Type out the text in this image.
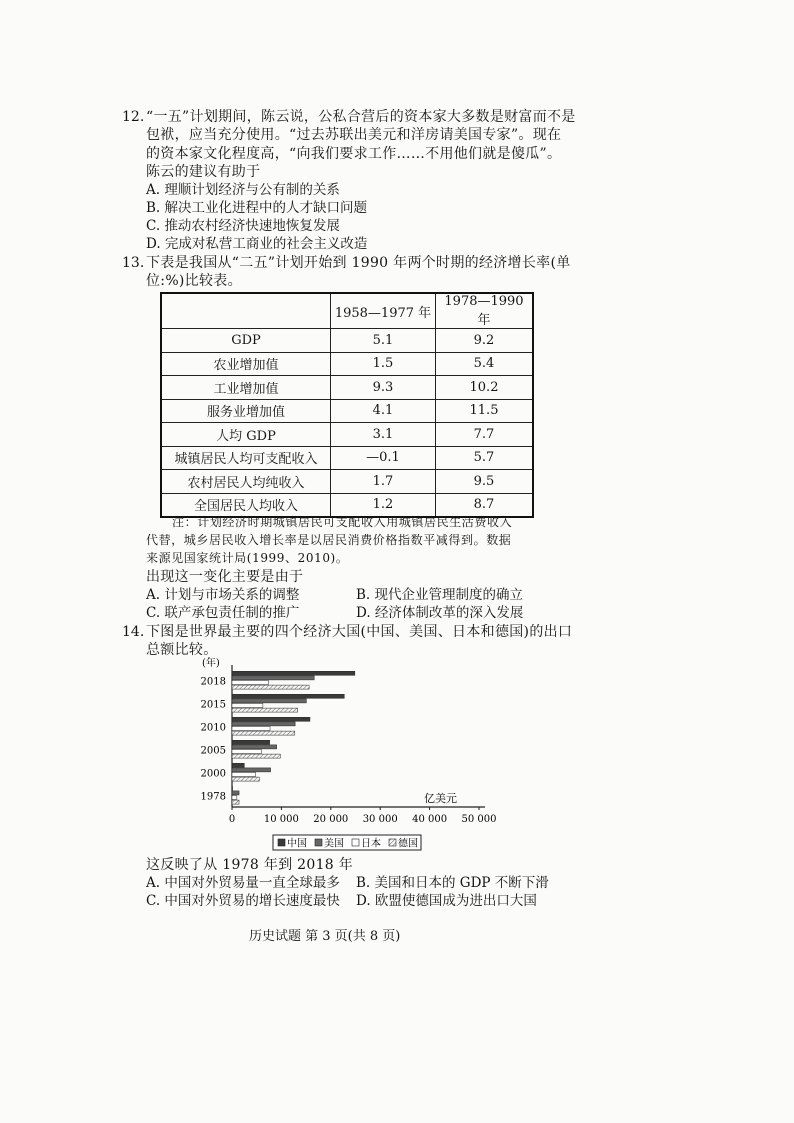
12. “一五”计划期间，陈云说，公私合营后的资本家大多数是财富而不是
包袱，应当充分使用。“过去苏联出美元和洋房请美国专家”。现在
的资本家文化程度高，“向我们要求工作……不用他们就是傻瓜”。
陈云的建议有助于
A. 理顺计划经济与公有制的关系
B. 解决工业化进程中的人才缺口问题
C. 推动农村经济快速地恢复发展
D. 完成对私营工商业的社会主义改造
13. 下表是我国从“二五”计划开始到 1990 年两个时期的经济增长率(单
位:%)比较表。
	1958—1977 年	1978—1990 年
GDP	5.1	9.2
农业增加值	1.5	5.4
工业增加值	9.3	10.2
服务业增加值	4.1	11.5
人均 GDP	3.1	7.7
城镇居民人均可支配收入	—0.1	5.7
农村居民人均纯收入	1.7	9.5
全国居民人均收入	1.2	8.7
注：计划经济时期城镇居民可支配收入用城镇居民生活费收入
代替，城乡居民收入增长率是以居民消费价格指数平减得到。数据
来源见国家统计局(1999、2010)。
出现这一变化主要是由于
A. 计划与市场关系的调整	B. 现代企业管理制度的确立
C. 联产承包责任制的推广	D. 经济体制改革的深入发展
14. 下图是世界最主要的四个经济大国(中国、美国、日本和德国)的出口
总额比较。
(年)
2018
2015
2010
2005
2000
1978
0	10 000 20 000 30 000 40 000 50 000
亿美元
中国 美国 日本 德国
这反映了从 1978 年到 2018 年
A. 中国对外贸易量一直全球最多 B. 美国和日本的 GDP 不断下滑
C. 中国对外贸易的增长速度最快 D. 欧盟使德国成为进出口大国
历史试题 第 3 页(共 8 页)
